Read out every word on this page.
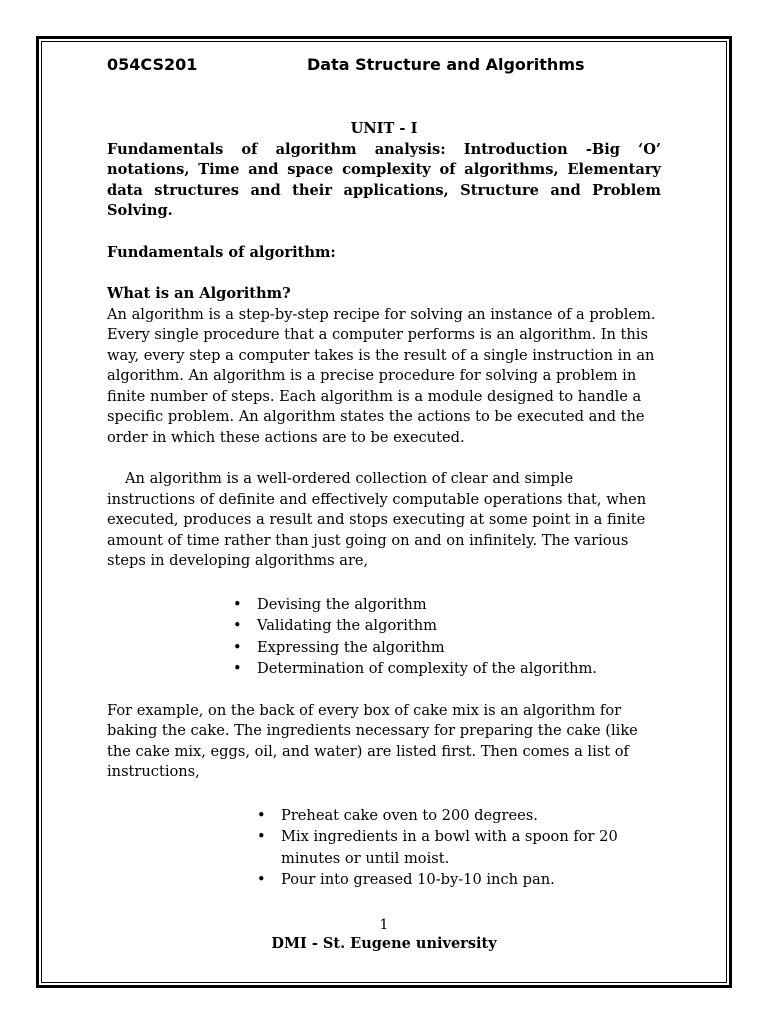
054CS201	Data Structure and Algorithms

UNIT - I

Fundamentals of algorithm analysis: Introduction -Big ‘O’ notations, Time and space complexity of algorithms, Elementary data structures and their applications, Structure and Problem Solving.

Fundamentals of algorithm:

What is an Algorithm?

An algorithm is a step-by-step recipe for solving an instance of a problem. Every single procedure that a computer performs is an algorithm. In this way, every step a computer takes is the result of a single instruction in an algorithm. An algorithm is a precise procedure for solving a problem in finite number of steps. Each algorithm is a module designed to handle a specific problem. An algorithm states the actions to be executed and the order in which these actions are to be executed.

An algorithm is a well-ordered collection of clear and simple instructions of definite and effectively computable operations that, when executed, produces a result and stops executing at some point in a finite amount of time rather than just going on and on infinitely. The various steps in developing algorithms are,

• Devising the algorithm
• Validating the algorithm
• Expressing the algorithm
• Determination of complexity of the algorithm.

For example, on the back of every box of cake mix is an algorithm for baking the cake. The ingredients necessary for preparing the cake (like the cake mix, eggs, oil, and water) are listed first. Then comes a list of instructions,

• Preheat cake oven to 200 degrees.
• Mix ingredients in a bowl with a spoon for 20 minutes or until moist.
• Pour into greased 10-by-10 inch pan.
1
DMI - St. Eugene university
